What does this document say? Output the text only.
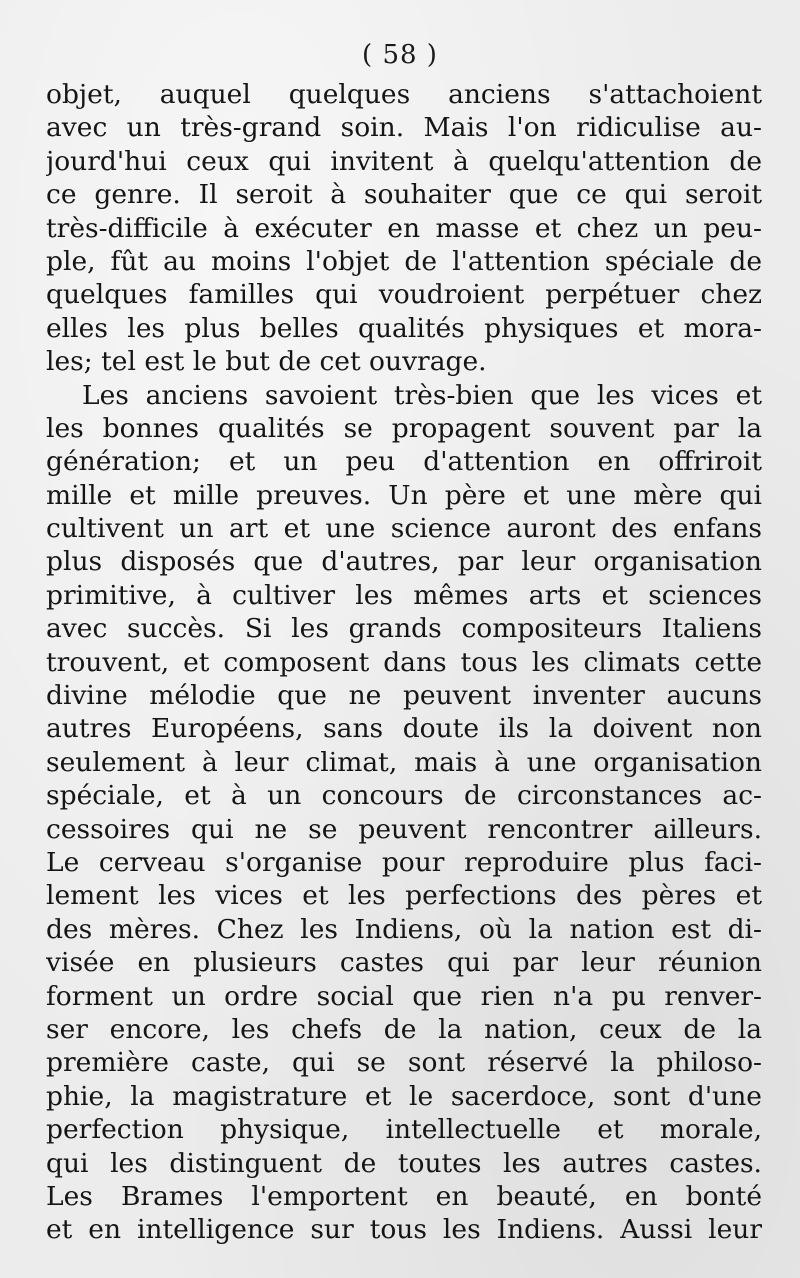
( 58 )
objet, auquel quelques anciens s'attachoient
avec un très-grand soin. Mais l'on ridiculise au-
jourd'hui ceux qui invitent à quelqu'attention de
ce genre. Il seroit à souhaiter que ce qui seroit
très-difficile à exécuter en masse et chez un peu-
ple, fût au moins l'objet de l'attention spéciale de
quelques familles qui voudroient perpétuer chez
elles les plus belles qualités physiques et mora-
les; tel est le but de cet ouvrage.
Les anciens savoient très-bien que les vices et
les bonnes qualités se propagent souvent par la
génération; et un peu d'attention en offriroit
mille et mille preuves. Un père et une mère qui
cultivent un art et une science auront des enfans
plus disposés que d'autres, par leur organisation
primitive, à cultiver les mêmes arts et sciences
avec succès. Si les grands compositeurs Italiens
trouvent, et composent dans tous les climats cette
divine mélodie que ne peuvent inventer aucuns
autres Européens, sans doute ils la doivent non
seulement à leur climat, mais à une organisation
spéciale, et à un concours de circonstances ac-
cessoires qui ne se peuvent rencontrer ailleurs.
Le cerveau s'organise pour reproduire plus faci-
lement les vices et les perfections des pères et
des mères. Chez les Indiens, où la nation est di-
visée en plusieurs castes qui par leur réunion
forment un ordre social que rien n'a pu renver-
ser encore, les chefs de la nation, ceux de la
première caste, qui se sont réservé la philoso-
phie, la magistrature et le sacerdoce, sont d'une
perfection physique, intellectuelle et morale,
qui les distinguent de toutes les autres castes.
Les Brames l'emportent en beauté, en bonté
et en intelligence sur tous les Indiens. Aussi leur
